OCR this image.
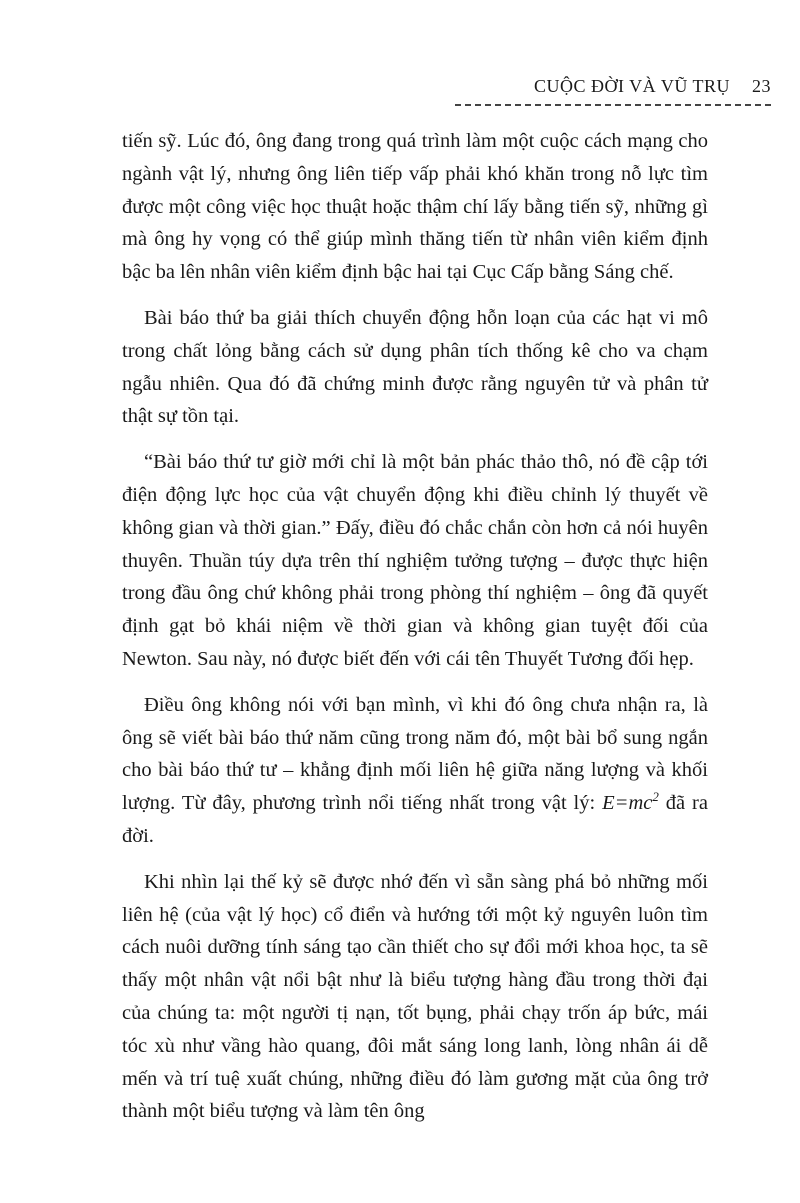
CUỘC ĐỜI VÀ VŨ TRỤ 23

tiến sỹ. Lúc đó, ông đang trong quá trình làm một cuộc cách mạng cho ngành vật lý, nhưng ông liên tiếp vấp phải khó khăn trong nỗ lực tìm được một công việc học thuật hoặc thậm chí lấy bằng tiến sỹ, những gì mà ông hy vọng có thể giúp mình thăng tiến từ nhân viên kiểm định bậc ba lên nhân viên kiểm định bậc hai tại Cục Cấp bằng Sáng chế.

Bài báo thứ ba giải thích chuyển động hỗn loạn của các hạt vi mô trong chất lỏng bằng cách sử dụng phân tích thống kê cho va chạm ngẫu nhiên. Qua đó đã chứng minh được rằng nguyên tử và phân tử thật sự tồn tại.

“Bài báo thứ tư giờ mới chỉ là một bản phác thảo thô, nó đề cập tới điện động lực học của vật chuyển động khi điều chỉnh lý thuyết về không gian và thời gian.” Đấy, điều đó chắc chắn còn hơn cả nói huyên thuyên. Thuần túy dựa trên thí nghiệm tưởng tượng – được thực hiện trong đầu ông chứ không phải trong phòng thí nghiệm – ông đã quyết định gạt bỏ khái niệm về thời gian và không gian tuyệt đối của Newton. Sau này, nó được biết đến với cái tên Thuyết Tương đối hẹp.

Điều ông không nói với bạn mình, vì khi đó ông chưa nhận ra, là ông sẽ viết bài báo thứ năm cũng trong năm đó, một bài bổ sung ngắn cho bài báo thứ tư – khẳng định mối liên hệ giữa năng lượng và khối lượng. Từ đây, phương trình nổi tiếng nhất trong vật lý: $E=mc^2$ đã ra đời.

Khi nhìn lại thế kỷ sẽ được nhớ đến vì sẵn sàng phá bỏ những mối liên hệ (của vật lý học) cổ điển và hướng tới một kỷ nguyên luôn tìm cách nuôi dưỡng tính sáng tạo cần thiết cho sự đổi mới khoa học, ta sẽ thấy một nhân vật nổi bật như là biểu tượng hàng đầu trong thời đại của chúng ta: một người tị nạn, tốt bụng, phải chạy trốn áp bức, mái tóc xù như vầng hào quang, đôi mắt sáng long lanh, lòng nhân ái dễ mến và trí tuệ xuất chúng, những điều đó làm gương mặt của ông trở thành một biểu tượng và làm tên ông
